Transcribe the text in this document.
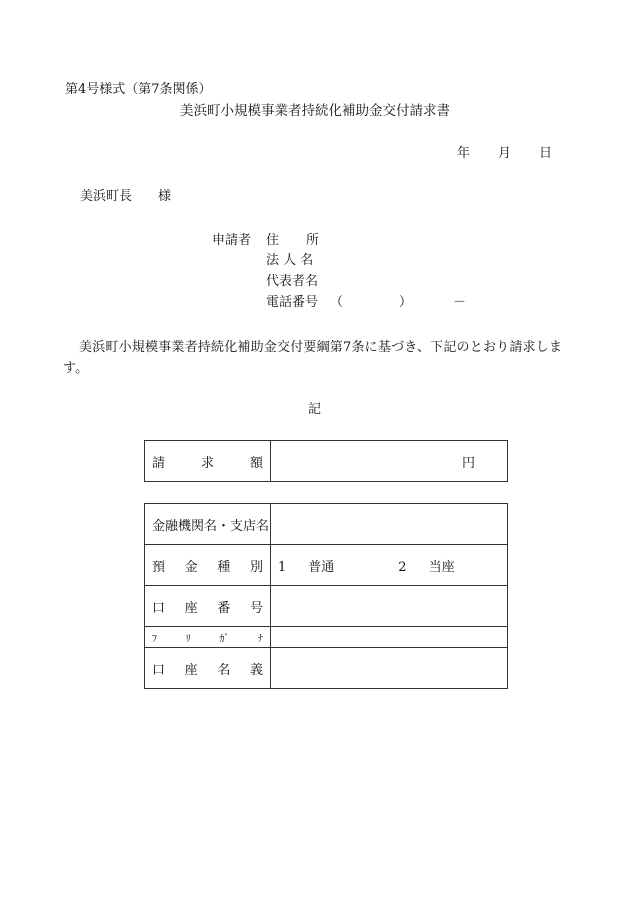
第4号様式（第7条関係）
美浜町小規模事業者持続化補助金交付請求書
年 月 日
美浜町長 様
申請者 住 所
法 人 名
代表者名
電話番号 （	）	－
美浜町小規模事業者持続化補助金交付要綱第7条に基づき、下記のとおり請求します。
記
請	求	額	円
金融機関名・支店名	

預 金 種 別	1 普通 2 当座

口 座 番 号	

ﾌ ﾘ ｶﾞ ﾅ	

口 座 名 義	
